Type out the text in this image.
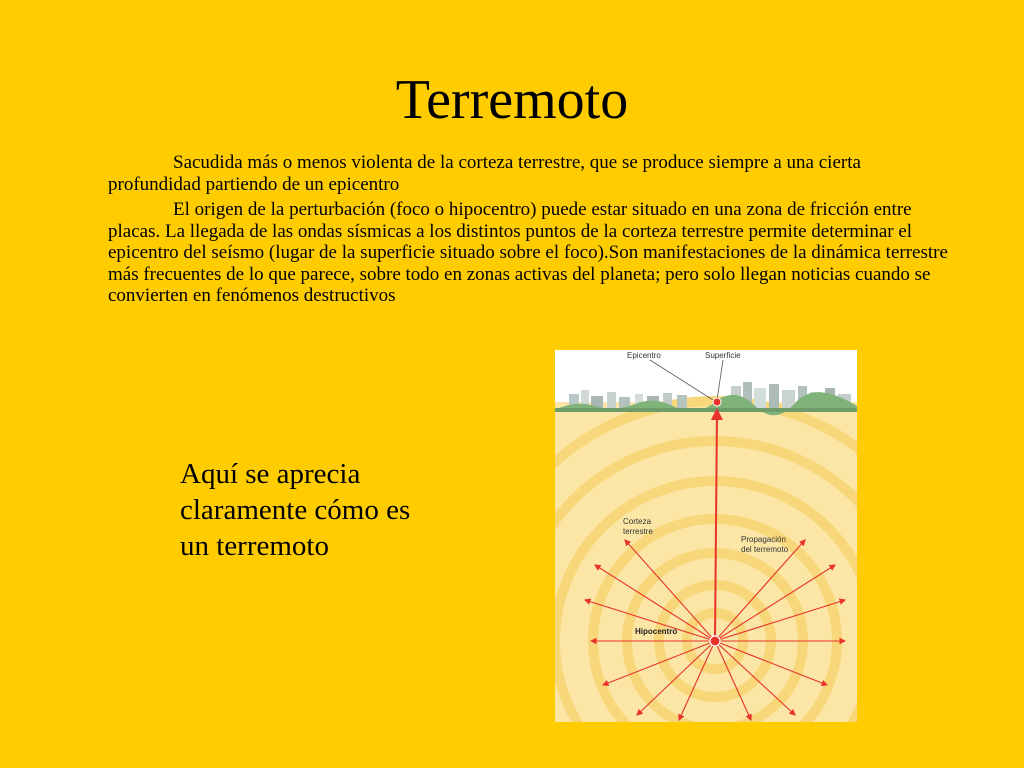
Terremoto

Sacudida más o menos violenta de la corteza terrestre, que se produce siempre a una cierta profundidad partiendo de un epicentro

El origen de la perturbación (foco o hipocentro) puede estar situado en una zona de fricción entre placas. La llegada de las ondas sísmicas a los distintos puntos de la corteza terrestre permite determinar el epicentro del seísmo (lugar de la superficie situado sobre el foco).Son manifestaciones de la dinámica terrestre más frecuentes de lo que parece, sobre todo en zonas activas del planeta; pero solo llegan noticias cuando se convierten en fenómenos destructivos

Aquí se aprecia claramente cómo es un terremoto
Epicentro	Superficie
Corteza
terrestre
Propagación
del terremoto
Hipocentro
